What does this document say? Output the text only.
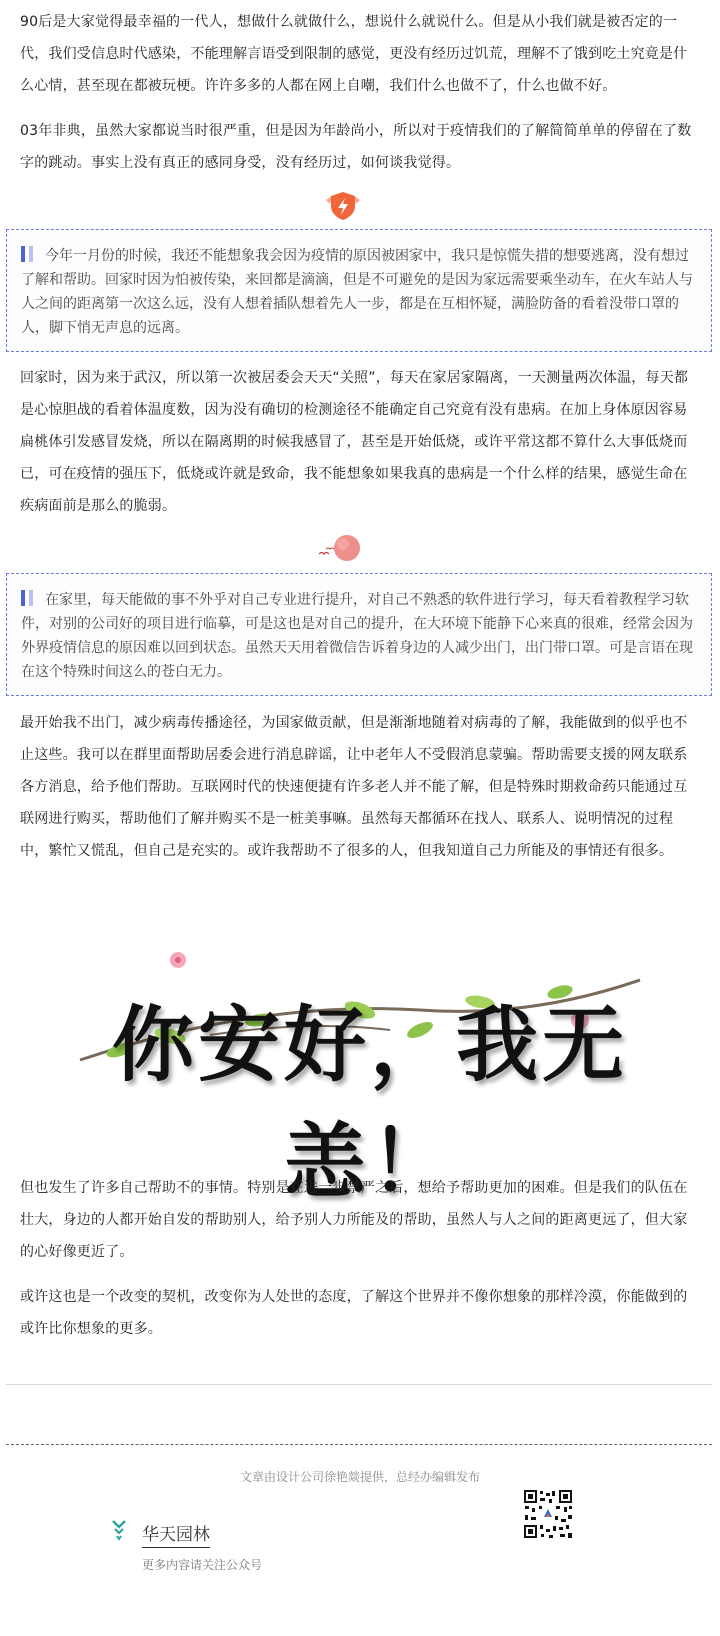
90后是大家觉得最幸福的一代人，想做什么就做什么，想说什么就说什么。但是从小我们就是被否定的一代，我们受信息时代感染，不能理解言语受到限制的感觉，更没有经历过饥荒，理解不了饿到吃土究竟是什么心情，甚至现在都被玩梗。许许多多的人都在网上自嘲，我们什么也做不了，什么也做不好。

03年非典，虽然大家都说当时很严重，但是因为年龄尚小，所以对于疫情我们的了解简简单单的停留在了数字的跳动。事实上没有真正的感同身受，没有经历过，如何谈我觉得。

今年一月份的时候，我还不能想象我会因为疫情的原因被困家中，我只是惊慌失措的想要逃离，没有想过了解和帮助。回家时因为怕被传染，来回都是滴滴，但是不可避免的是因为家远需要乘坐动车，在火车站人与人之间的距离第一次这么远，没有人想着插队想着先人一步，都是在互相怀疑，满脸防备的看着没带口罩的人，脚下悄无声息的远离。

回家时，因为来于武汉，所以第一次被居委会天天“关照”，每天在家居家隔离，一天测量两次体温，每天都是心惊胆战的看着体温度数，因为没有确切的检测途径不能确定自己究竟有没有患病。在加上身体原因容易扁桃体引发感冒发烧，所以在隔离期的时候我感冒了，甚至是开始低烧，或许平常这都不算什么大事低烧而已，可在疫情的强压下，低烧或许就是致命，我不能想象如果我真的患病是一个什么样的结果，感觉生命在疾病面前是那么的脆弱。

在家里，每天能做的事不外乎对自己专业进行提升，对自己不熟悉的软件进行学习，每天看着教程学习软件，对别的公司好的项目进行临摹，可是这也是对自己的提升，在大环境下能静下心来真的很难，经常会因为外界疫情信息的原因难以回到状态。虽然天天用着微信告诉着身边的人减少出门，出门带口罩。可是言语在现在这个特殊时间这么的苍白无力。

最开始我不出门，减少病毒传播途径，为国家做贡献，但是渐渐地随着对病毒的了解，我能做到的似乎也不止这些。我可以在群里面帮助居委会进行消息辟谣，让中老年人不受假消息蒙骗。帮助需要支援的网友联系各方消息，给予他们帮助。互联网时代的快速便捷有许多老人并不能了解，但是特殊时期救命药只能通过互联网进行购买，帮助他们了解并购买不是一桩美事嘛。虽然每天都循环在找人、联系人、说明情况的过程中，繁忙又慌乱，但自己是充实的。或许我帮助不了很多的人，但我知道自己力所能及的事情还有很多。

你安好，我无恙！

但也发生了许多自己帮助不的事情。特别是在进一步禁严之后，想给予帮助更加的困难。但是我们的队伍在壮大，身边的人都开始自发的帮助别人，给予别人力所能及的帮助，虽然人与人之间的距离更远了，但大家的心好像更近了。

或许这也是一个改变的契机，改变你为人处世的态度，了解这个世界并不像你想象的那样冷漠，你能做到的或许比你想象的更多。

文章由设计公司徐艳燚提供，总经办编辑发布
华天园林
更多内容请关注公众号
